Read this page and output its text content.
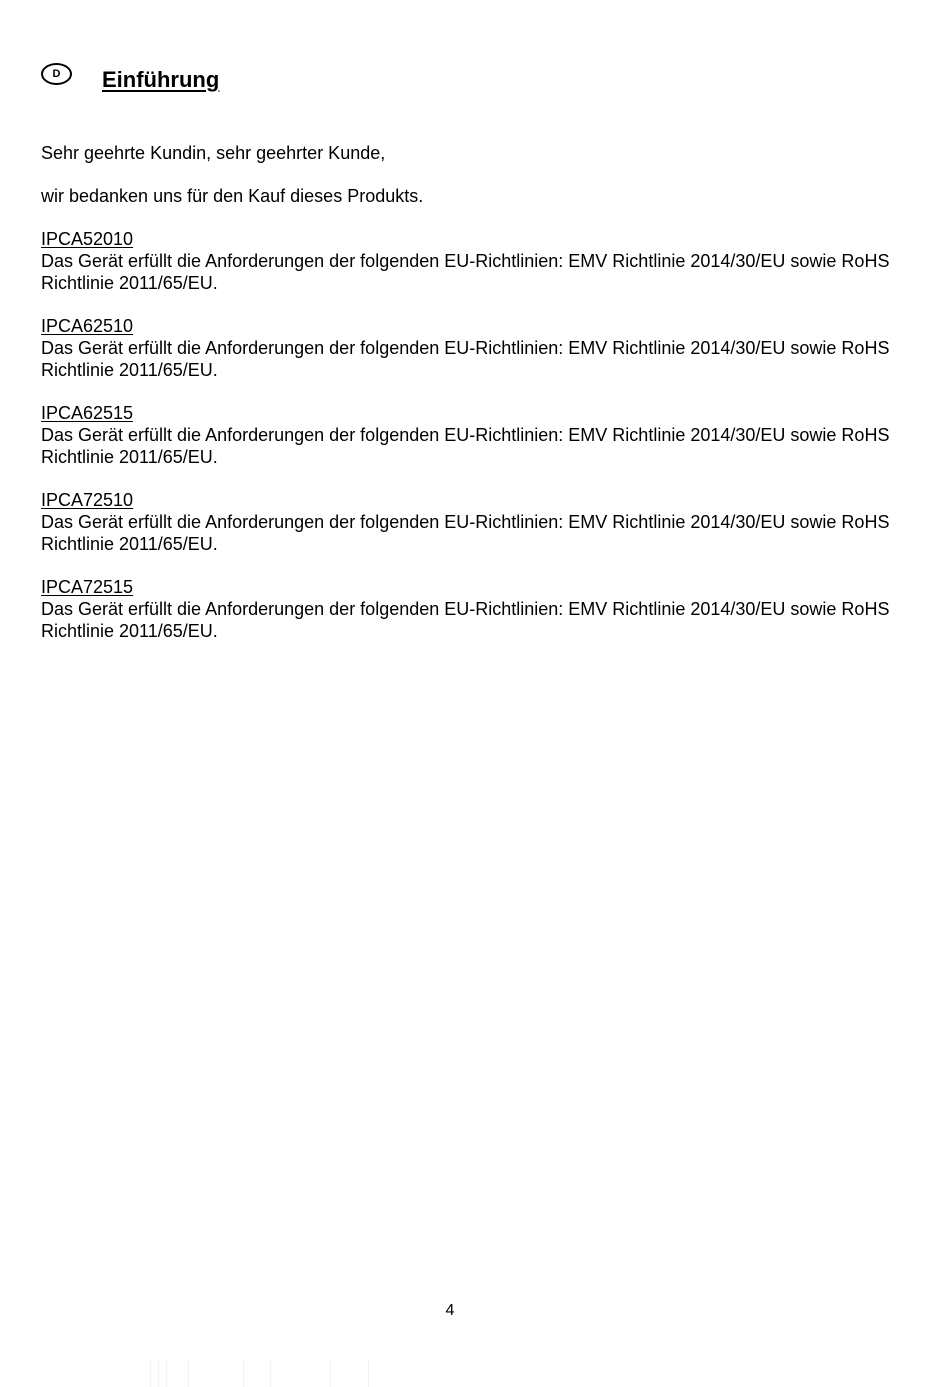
D Einführung

Sehr geehrte Kundin, sehr geehrter Kunde,

wir bedanken uns für den Kauf dieses Produkts.

IPCA52010
Das Gerät erfüllt die Anforderungen der folgenden EU-Richtlinien: EMV Richtlinie 2014/30/EU sowie RoHS Richtlinie 2011/65/EU.
IPCA62510
Das Gerät erfüllt die Anforderungen der folgenden EU-Richtlinien: EMV Richtlinie 2014/30/EU sowie RoHS Richtlinie 2011/65/EU.
IPCA62515
Das Gerät erfüllt die Anforderungen der folgenden EU-Richtlinien: EMV Richtlinie 2014/30/EU sowie RoHS Richtlinie 2011/65/EU.
IPCA72510
Das Gerät erfüllt die Anforderungen der folgenden EU-Richtlinien: EMV Richtlinie 2014/30/EU sowie RoHS Richtlinie 2011/65/EU.
IPCA72515
Das Gerät erfüllt die Anforderungen der folgenden EU-Richtlinien: EMV Richtlinie 2014/30/EU sowie RoHS Richtlinie 2011/65/EU.
4
